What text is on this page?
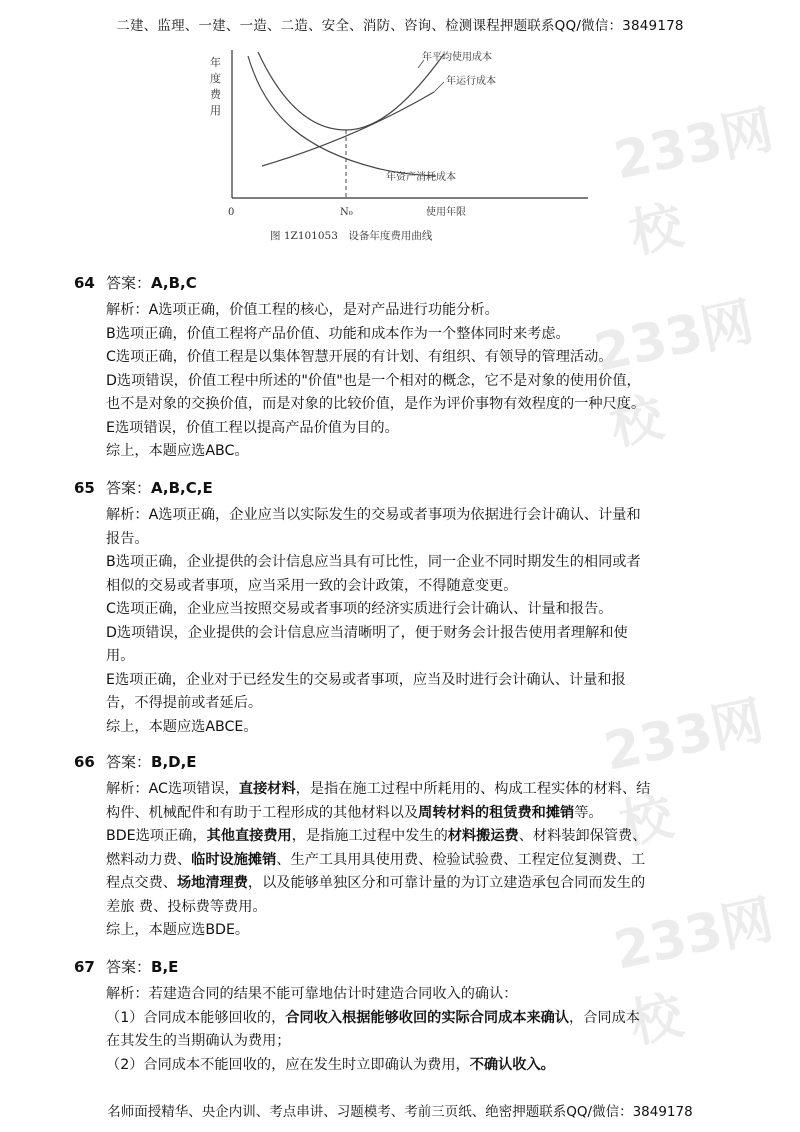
233网校
233网校
233网校
233网校
二建、监理、一建、一造、二造、安全、消防、咨询、检测课程押题联系QQ/微信：3849178
年
度
费
用
年平均使用成本
年运行成本
年资产消耗成本
0	N₀	使用年限
图 1Z101053　设备年度费用曲线
64 答案：A,B,C

解析：A选项正确，价值工程的核心，是对产品进行功能分析。

B选项正确，价值工程将产品价值、功能和成本作为一个整体同时来考虑。

C选项正确，价值工程是以集体智慧开展的有计划、有组织、有领导的管理活动。

D选项错误，价值工程中所述的"价值"也是一个相对的概念，它不是对象的使用价值，

也不是对象的交换价值，而是对象的比较价值，是作为评价事物有效程度的一种尺度。

E选项错误，价值工程以提高产品价值为目的。

综上，本题应选ABC。

65 答案：A,B,C,E

解析：A选项正确，企业应当以实际发生的交易或者事项为依据进行会计确认、计量和

报告。

B选项正确，企业提供的会计信息应当具有可比性，同一企业不同时期发生的相同或者

相似的交易或者事项，应当采用一致的会计政策，不得随意变更。

C选项正确，企业应当按照交易或者事项的经济实质进行会计确认、计量和报告。

D选项错误，企业提供的会计信息应当清晰明了，便于财务会计报告使用者理解和使

用。

E选项正确，企业对于已经发生的交易或者事项，应当及时进行会计确认、计量和报

告，不得提前或者延后。

综上，本题应选ABCE。

66 答案：B,D,E

解析：AC选项错误，直接材料，是指在施工过程中所耗用的、构成工程实体的材料、结

构件、机械配件和有助于工程形成的其他材料以及周转材料的租赁费和摊销等。

BDE选项正确，其他直接费用，是指施工过程中发生的材料搬运费、材料装卸保管费、

燃料动力费、临时设施摊销、生产工具用具使用费、检验试验费、工程定位复测费、工

程点交费、场地清理费，以及能够单独区分和可靠计量的为订立建造承包合同而发生的

差旅 费、投标费等费用。

综上，本题应选BDE。

67 答案：B,E

解析：若建造合同的结果不能可靠地估计时建造合同收入的确认：

（1）合同成本能够回收的，合同收入根据能够收回的实际合同成本来确认，合同成本

在其发生的当期确认为费用；

（2）合同成本不能回收的，应在发生时立即确认为费用，不确认收入。

名师面授精华、央企内训、考点串讲、习题模考、考前三页纸、绝密押题联系QQ/微信：3849178
